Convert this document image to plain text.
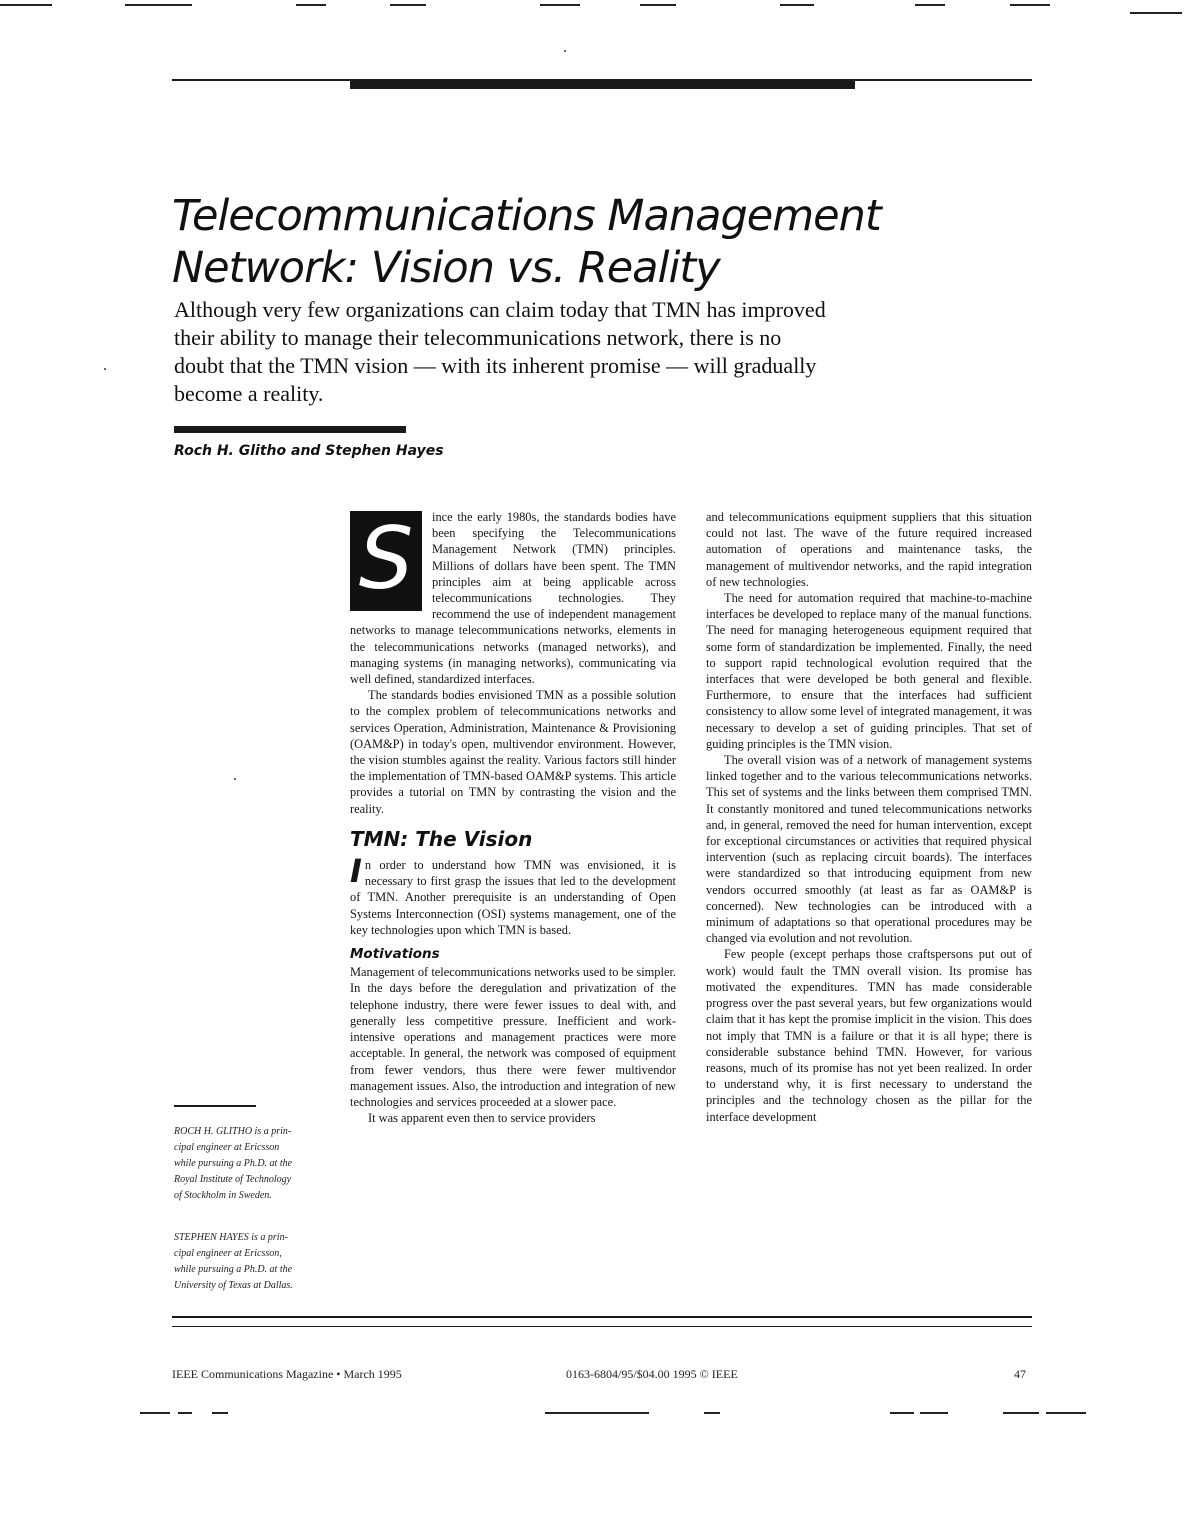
Telecommunications Management
Network: Vision vs. Reality
Although very few organizations can claim today that TMN has improved
their ability to manage their telecommunications network, there is no
doubt that the TMN vision — with its inherent promise — will gradually
become a reality.
Roch H. Glitho and Stephen Hayes
S	ince the early 1980s, the standards bodies have been specifying the Telecommunications Management Network (TMN) principles. Millions of dollars have been spent. The TMN principles aim at being applicable across telecommunications technologies. They recommend the use of independent management networks to manage telecommunications networks, elements in the telecommunications networks (managed networks), and managing systems (in managing networks), communicating via well defined, standardized interfaces.

The standards bodies envisioned TMN as a possible solution to the complex problem of telecommunications networks and services Operation, Administration, Maintenance & Provisioning (OAM&P) in today's open, multivendor environment. However, the vision stumbles against the reality. Various factors still hinder the implementation of TMN-based OAM&P systems. This article provides a tutorial on TMN by contrasting the vision and the reality.

TMN: The Vision

In order to understand how TMN was envisioned, it is necessary to first grasp the issues that led to the development of TMN. Another prerequisite is an understanding of Open Systems Interconnection (OSI) systems management, one of the key technologies upon which TMN is based.

Motivations

Management of telecommunications networks used to be simpler. In the days before the deregulation and privatization of the telephone industry, there were fewer issues to deal with, and generally less competitive pressure. Inefficient and work-intensive operations and management practices were more acceptable. In general, the network was composed of equipment from fewer vendors, thus there were fewer multivendor management issues. Also, the introduction and integration of new technologies and services proceeded at a slower pace.

It was apparent even then to service providers

and telecommunications equipment suppliers that this situation could not last. The wave of the future required increased automation of operations and maintenance tasks, the management of multivendor networks, and the rapid integration of new technologies.

The need for automation required that machine-to-machine interfaces be developed to replace many of the manual functions. The need for managing heterogeneous equipment required that some form of standardization be implemented. Finally, the need to support rapid technological evolution required that the interfaces that were developed be both general and flexible. Furthermore, to ensure that the interfaces had sufficient consistency to allow some level of integrated management, it was necessary to develop a set of guiding principles. That set of guiding principles is the TMN vision.

The overall vision was of a network of management systems linked together and to the various telecommunications networks. This set of systems and the links between them comprised TMN. It constantly monitored and tuned telecommunications networks and, in general, removed the need for human intervention, except for exceptional circumstances or activities that required physical intervention (such as replacing circuit boards). The interfaces were standardized so that introducing equipment from new vendors occurred smoothly (at least as far as OAM&P is concerned). New technologies can be introduced with a minimum of adaptations so that operational procedures may be changed via evolution and not revolution.

Few people (except perhaps those craftspersons put out of work) would fault the TMN overall vision. Its promise has motivated the expenditures. TMN has made considerable progress over the past several years, but few organizations would claim that it has kept the promise implicit in the vision. This does not imply that TMN is a failure or that it is all hype; there is considerable substance behind TMN. However, for various reasons, much of its promise has not yet been realized. In order to understand why, it is first necessary to understand the principles and the technology chosen as the pillar for the interface development

ROCH H. GLITHO is a prin-
cipal engineer at Ericsson
while pursuing a Ph.D. at the
Royal Institute of Technology
of Stockholm in Sweden.
STEPHEN HAYES is a prin-
cipal engineer at Ericsson,
while pursuing a Ph.D. at the
University of Texas at Dallas.
IEEE Communications Magazine • March 1995	0163-6804/95/$04.00 1995 © IEEE	47
